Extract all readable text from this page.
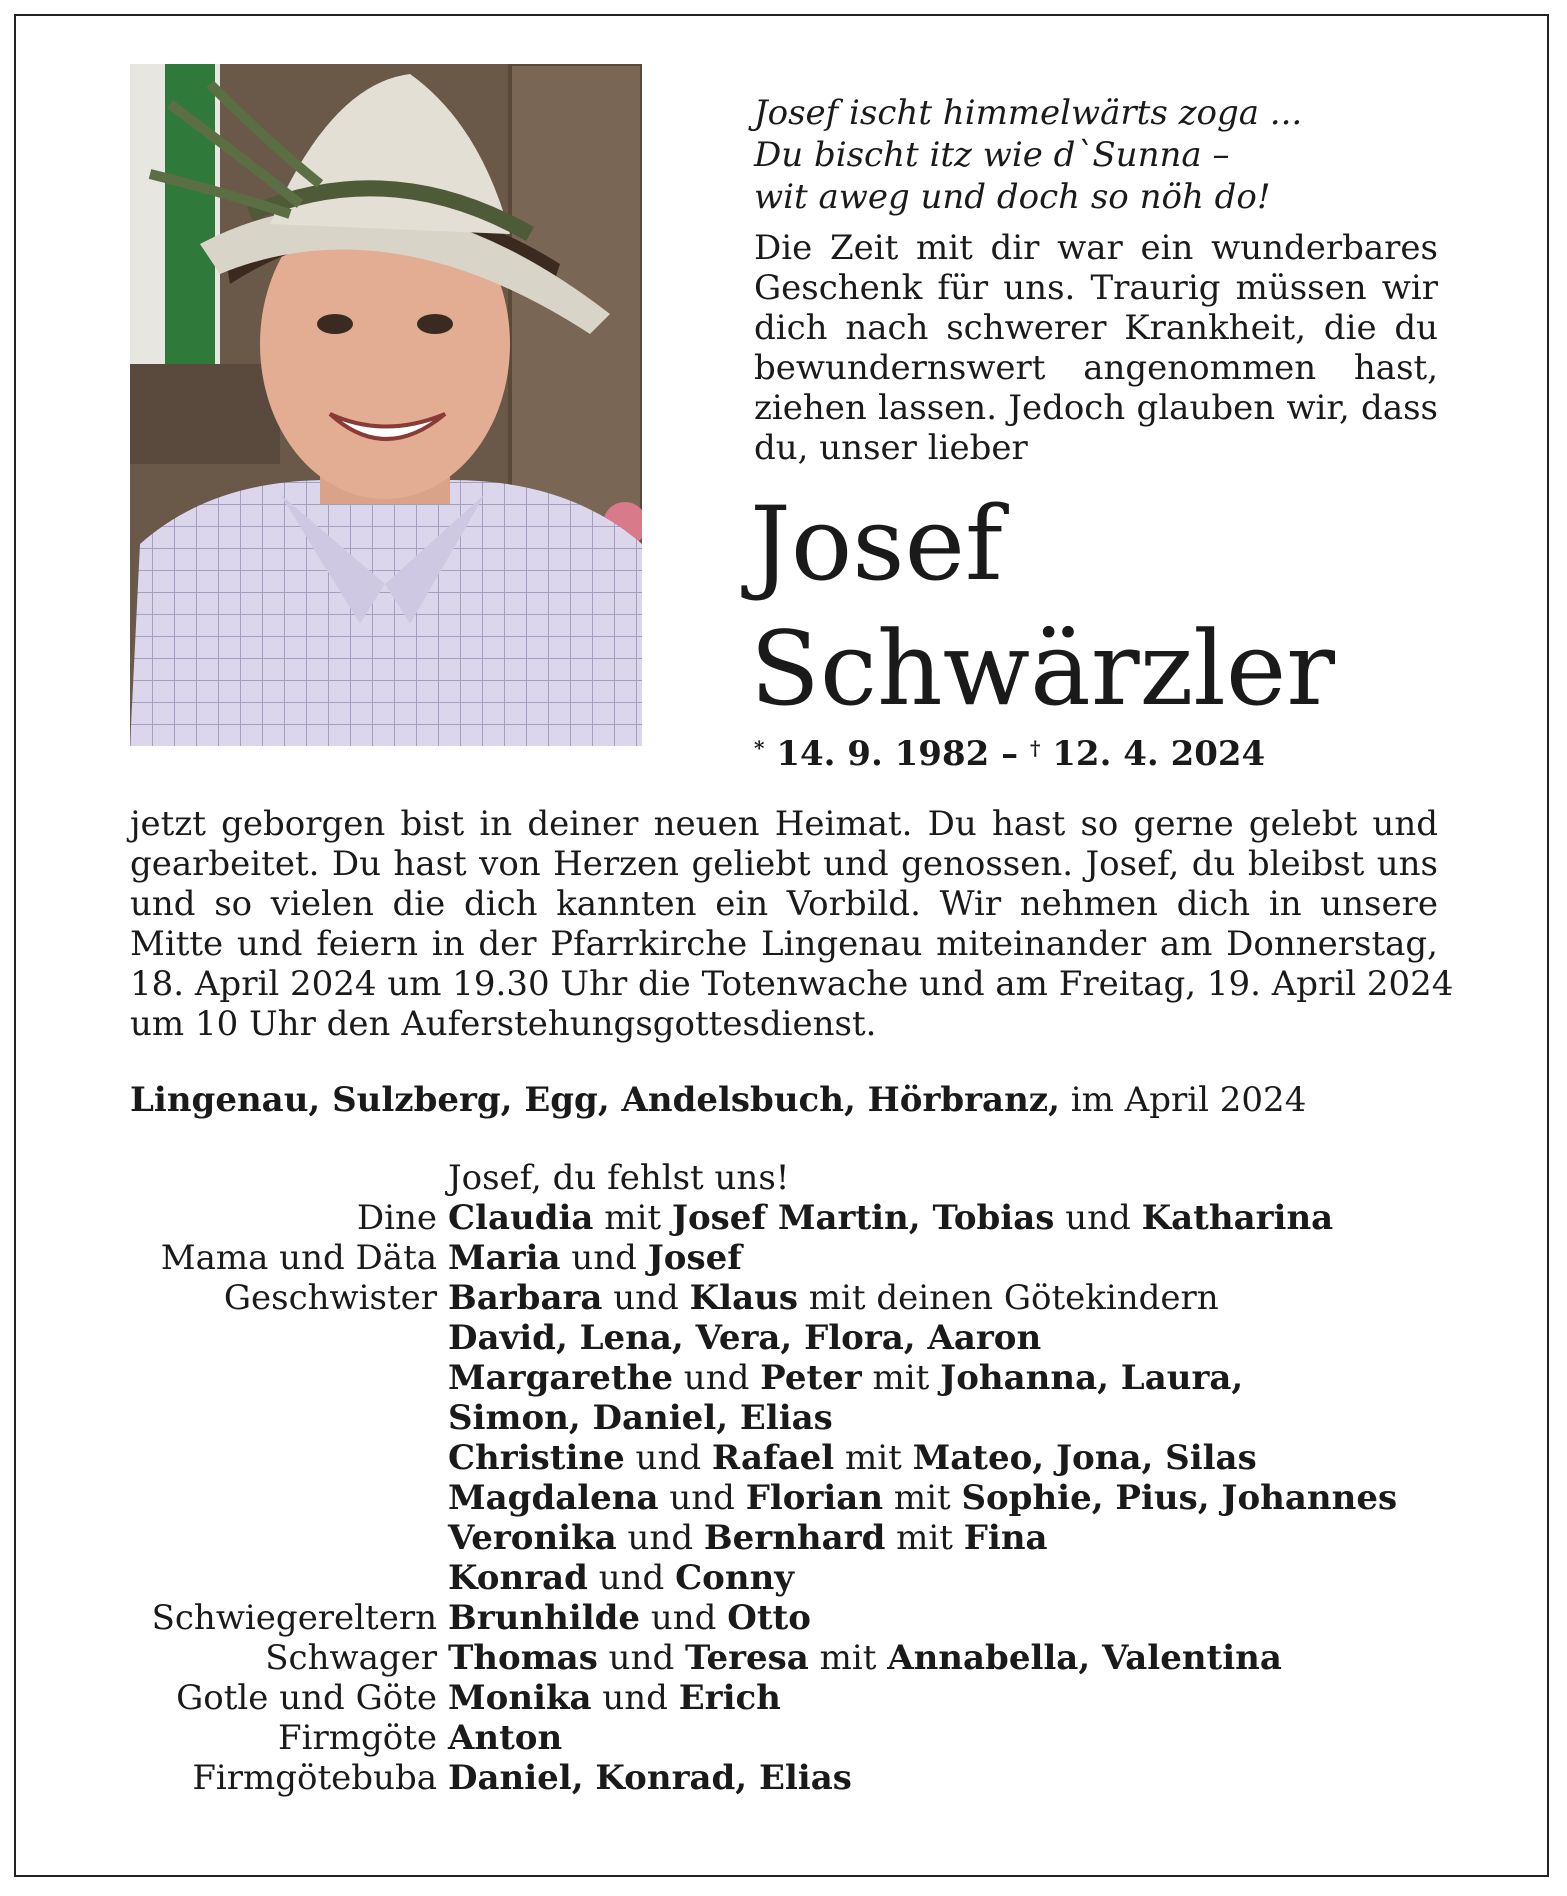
Josef ischt himmelwärts zoga ...
Du bischt itz wie d`Sunna –
wit aweg und doch so nöh do!
Die Zeit mit dir war ein wunderbares
Geschenk für uns. Traurig müssen wir
dich nach schwerer Krankheit, die du
bewundernswert angenommen hast,
ziehen lassen. Jedoch glauben wir, dass
du, unser lieber
Josef
Schwärzler
* 14. 9. 1982 – † 12. 4. 2024
jetzt geborgen bist in deiner neuen Heimat. Du hast so gerne gelebt und
gearbeitet. Du hast von Herzen geliebt und genossen. Josef, du bleibst uns
und so vielen die dich kannten ein Vorbild. Wir nehmen dich in unsere
Mitte und feiern in der Pfarrkirche Lingenau miteinander am Donnerstag,
18. April 2024 um 19.30 Uhr die Totenwache und am Freitag, 19. April 2024
um 10 Uhr den Auferstehungsgottesdienst.
Lingenau, Sulzberg, Egg, Andelsbuch, Hörbranz, im April 2024
Josef, du fehlst uns!
Dine Claudia mit Josef Martin, Tobias und Katharina
Mama und Däta Maria und Josef
Geschwister Barbara und Klaus mit deinen Götekindern
David, Lena, Vera, Flora, Aaron
Margarethe und Peter mit Johanna, Laura,
Simon, Daniel, Elias
Christine und Rafael mit Mateo, Jona, Silas
Magdalena und Florian mit Sophie, Pius, Johannes
Veronika und Bernhard mit Fina
Konrad und Conny
Schwiegereltern Brunhilde und Otto
Schwager Thomas und Teresa mit Annabella, Valentina
Gotle und Göte Monika und Erich
Firmgöte Anton
Firmgötebuba Daniel, Konrad, Elias
